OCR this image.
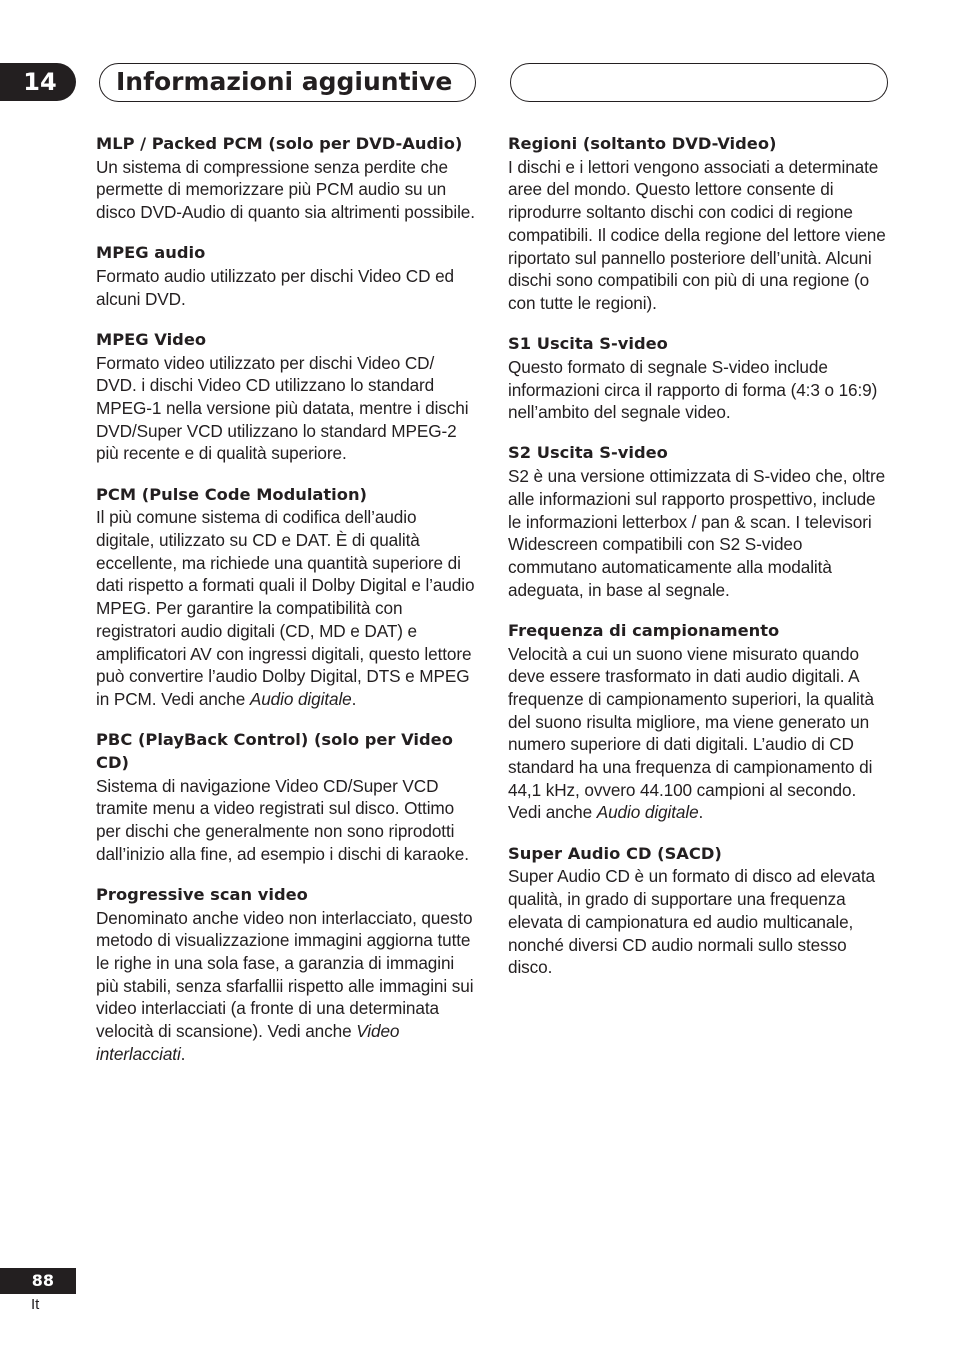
14	Informazioni aggiuntive
MLP / Packed PCM (solo per DVD-Audio)
Un sistema di compressione senza perdite che permette di memorizzare più PCM audio su un disco DVD-Audio di quanto sia altrimenti possibile.
MPEG audio
Formato audio utilizzato per dischi Video CD ed alcuni DVD.
MPEG Video
Formato video utilizzato per dischi Video CD/ DVD. i dischi Video CD utilizzano lo standard MPEG-1 nella versione più datata, mentre i dischi DVD/Super VCD utilizzano lo standard MPEG-2 più recente e di qualità superiore.
PCM (Pulse Code Modulation)
Il più comune sistema di codifica dell’audio digitale, utilizzato su CD e DAT. È di qualità eccellente, ma richiede una quantità superiore di dati rispetto a formati quali il Dolby Digital e l’audio MPEG. Per garantire la compatibilità con registratori audio digitali (CD, MD e DAT) e amplificatori AV con ingressi digitali, questo lettore può convertire l’audio Dolby Digital, DTS e MPEG in PCM. Vedi anche Audio digitale.
PBC (PlayBack Control) (solo per Video CD)
Sistema di navigazione Video CD/Super VCD tramite menu a video registrati sul disco. Ottimo per dischi che generalmente non sono riprodotti dall’inizio alla fine, ad esempio i dischi di karaoke.
Progressive scan video
Denominato anche video non interlacciato, questo metodo di visualizzazione immagini aggiorna tutte le righe in una sola fase, a garanzia di immagini più stabili, senza sfarfallii rispetto alle immagini sui video interlacciati (a fronte di una determinata velocità di scansione). Vedi anche Video interlacciati.
Regioni (soltanto DVD-Video)
I dischi e i lettori vengono associati a determinate aree del mondo. Questo lettore consente di riprodurre soltanto dischi con codici di regione compatibili. Il codice della regione del lettore viene riportato sul pannello posteriore dell’unità. Alcuni dischi sono compatibili con più di una regione (o con tutte le regioni).
S1 Uscita S-video
Questo formato di segnale S-video include informazioni circa il rapporto di forma (4:3 o 16:9) nell’ambito del segnale video.
S2 Uscita S-video
S2 è una versione ottimizzata di S-video che, oltre alle informazioni sul rapporto prospettivo, include le informazioni letterbox / pan & scan. I televisori Widescreen compatibili con S2 S-video commutano automaticamente alla modalità adeguata, in base al segnale.
Frequenza di campionamento
Velocità a cui un suono viene misurato quando deve essere trasformato in dati audio digitali. A frequenze di campionamento superiori, la qualità del suono risulta migliore, ma viene generato un numero superiore di dati digitali. L’audio di CD standard ha una frequenza di campionamento di 44,1 kHz, ovvero 44.100 campioni al secondo. Vedi anche Audio digitale.
Super Audio CD (SACD)
Super Audio CD è un formato di disco ad elevata qualità, in grado di supportare una frequenza elevata di campionatura ed audio multicanale, nonché diversi CD audio normali sullo stesso disco.
88
It
